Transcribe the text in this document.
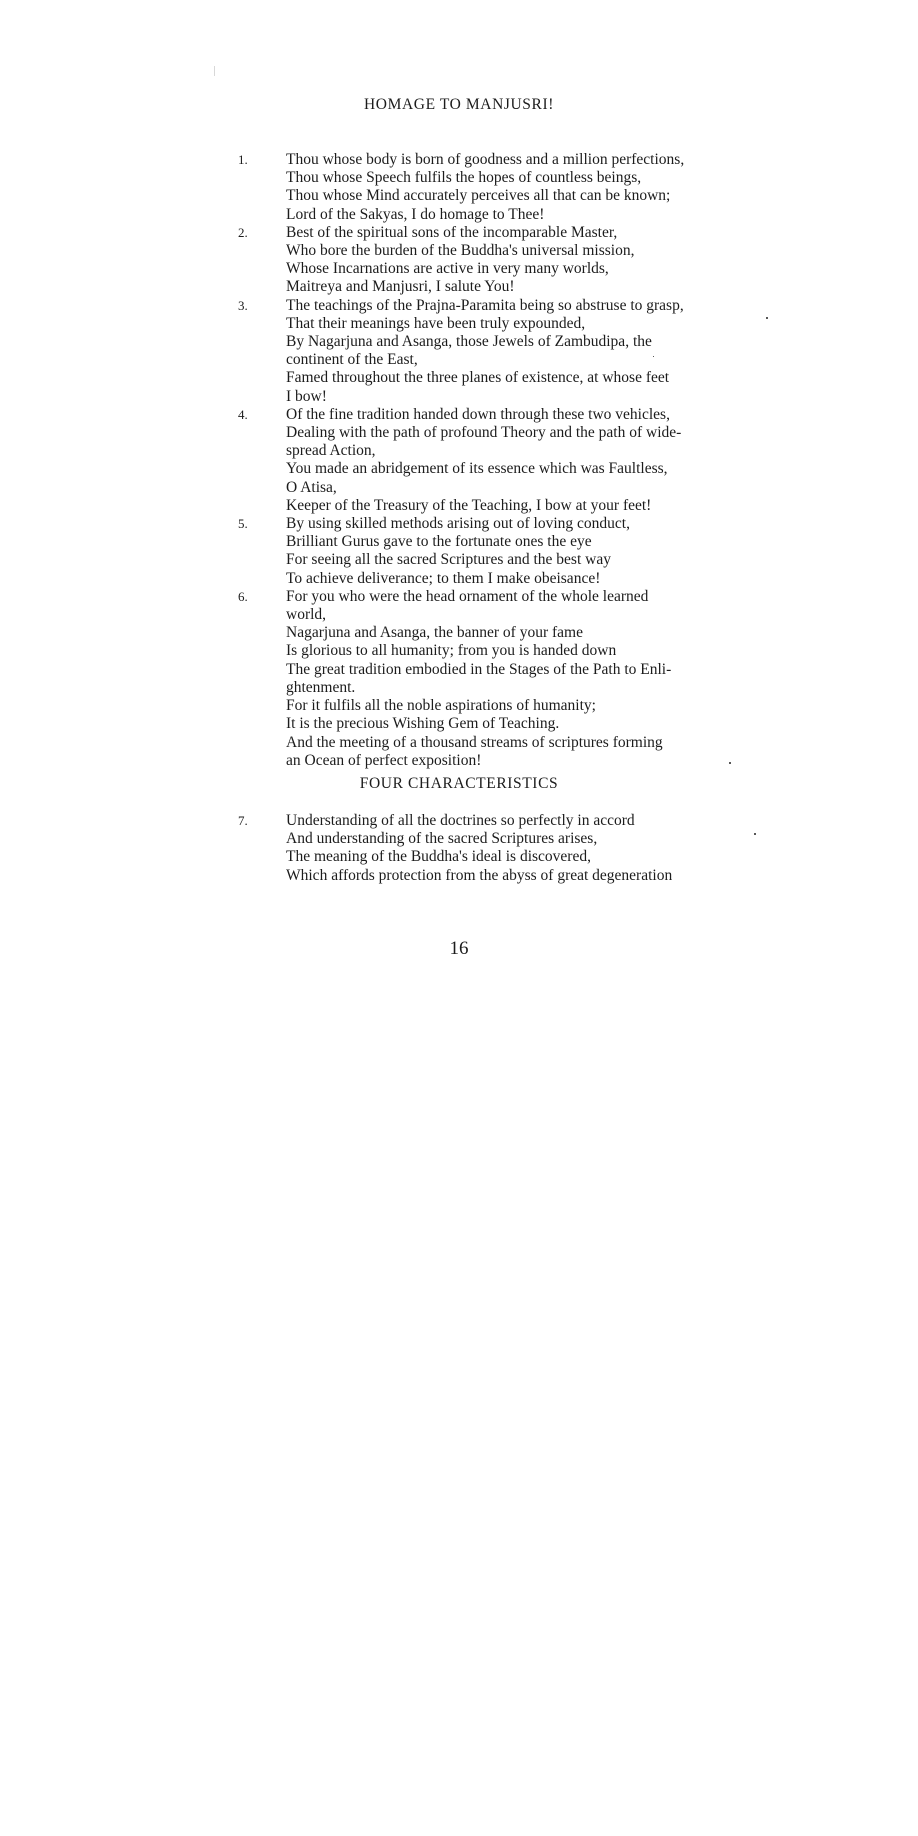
HOMAGE TO MANJUSRI!
1. Thou whose body is born of goodness and a million perfections,
Thou whose Speech fulfils the hopes of countless beings,
Thou whose Mind accurately perceives all that can be known;
Lord of the Sakyas, I do homage to Thee!
2. Best of the spiritual sons of the incomparable Master,
Who bore the burden of the Buddha's universal mission,
Whose Incarnations are active in very many worlds,
Maitreya and Manjusri, I salute You!
3. The teachings of the Prajna-Paramita being so abstruse to grasp,
That their meanings have been truly expounded,
By Nagarjuna and Asanga, those Jewels of Zambudipa, the
continent of the East,
Famed throughout the three planes of existence, at whose feet
I bow!
4. Of the fine tradition handed down through these two vehicles,
Dealing with the path of profound Theory and the path of wide-
spread Action,
You made an abridgement of its essence which was Faultless,
O Atisa,
Keeper of the Treasury of the Teaching, I bow at your feet!
5. By using skilled methods arising out of loving conduct,
Brilliant Gurus gave to the fortunate ones the eye
For seeing all the sacred Scriptures and the best way
To achieve deliverance; to them I make obeisance!
6. For you who were the head ornament of the whole learned
world,
Nagarjuna and Asanga, the banner of your fame
Is glorious to all humanity; from you is handed down
The great tradition embodied in the Stages of the Path to Enli-
ghtenment.
For it fulfils all the noble aspirations of humanity;
It is the precious Wishing Gem of Teaching.
And the meeting of a thousand streams of scriptures forming
an Ocean of perfect exposition!
FOUR CHARACTERISTICS
7. Understanding of all the doctrines so perfectly in accord
And understanding of the sacred Scriptures arises,
The meaning of the Buddha's ideal is discovered,
Which affords protection from the abyss of great degeneration
16
